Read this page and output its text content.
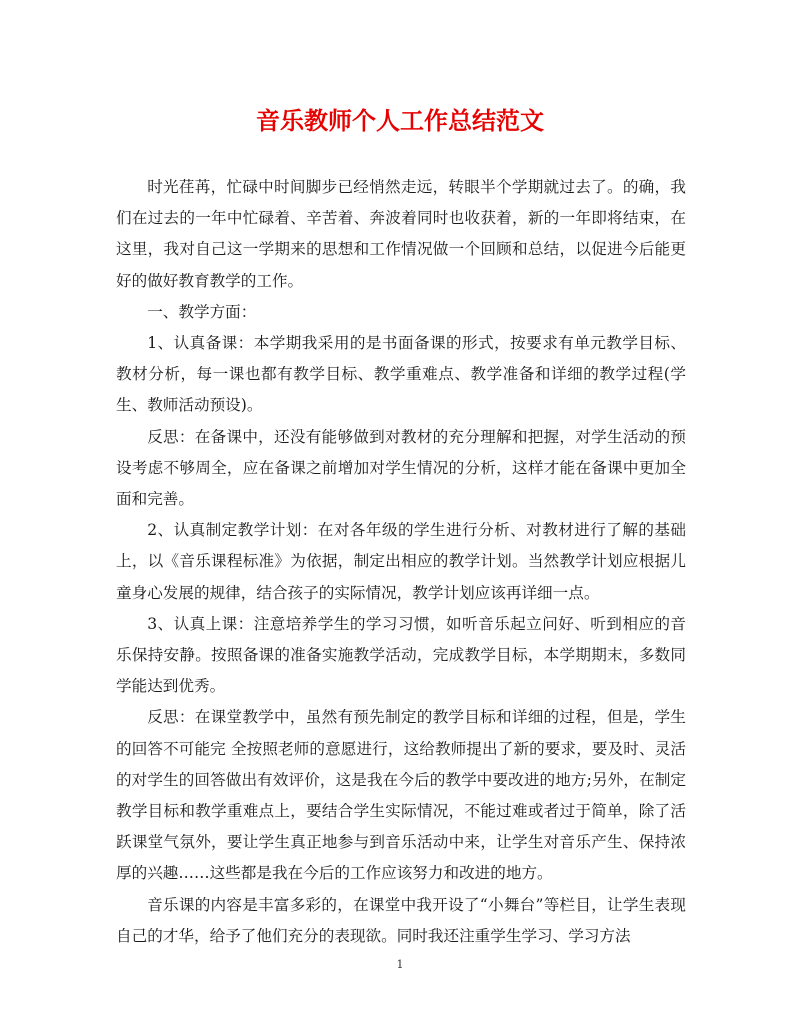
音乐教师个人工作总结范文

时光荏苒，忙碌中时间脚步已经悄然走远，转眼半个学期就过去了。的确，我们在过去的一年中忙碌着、辛苦着、奔波着同时也收获着，新的一年即将结束，在这里，我对自己这一学期来的思想和工作情况做一个回顾和总结，以促进今后能更好的做好教育教学的工作。

一、教学方面：

1、认真备课：本学期我采用的是书面备课的形式，按要求有单元教学目标、教材分析，每一课也都有教学目标、教学重难点、教学准备和详细的教学过程(学生、教师活动预设)。

反思：在备课中，还没有能够做到对教材的充分理解和把握，对学生活动的预设考虑不够周全，应在备课之前增加对学生情况的分析，这样才能在备课中更加全面和完善。

2、认真制定教学计划：在对各年级的学生进行分析、对教材进行了解的基础上，以《音乐课程标准》为依据，制定出相应的教学计划。当然教学计划应根据儿童身心发展的规律，结合孩子的实际情况，教学计划应该再详细一点。

3、认真上课：注意培养学生的学习习惯，如听音乐起立问好、听到相应的音乐保持安静。按照备课的准备实施教学活动，完成教学目标，本学期期末，多数同学能达到优秀。

反思：在课堂教学中，虽然有预先制定的教学目标和详细的过程，但是，学生的回答不可能完 全按照老师的意愿进行，这给教师提出了新的要求，要及时、灵活的对学生的回答做出有效评价，这是我在今后的教学中要改进的地方;另外，在制定教学目标和教学重难点上，要结合学生实际情况，不能过难或者过于简单，除了活跃课堂气氛外，要让学生真正地参与到音乐活动中来，让学生对音乐产生、保持浓厚的兴趣……这些都是我在今后的工作应该努力和改进的地方。

音乐课的内容是丰富多彩的，在课堂中我开设了“小舞台”等栏目，让学生表现自己的才华，给予了他们充分的表现欲。同时我还注重学生学习、学习方法

1
